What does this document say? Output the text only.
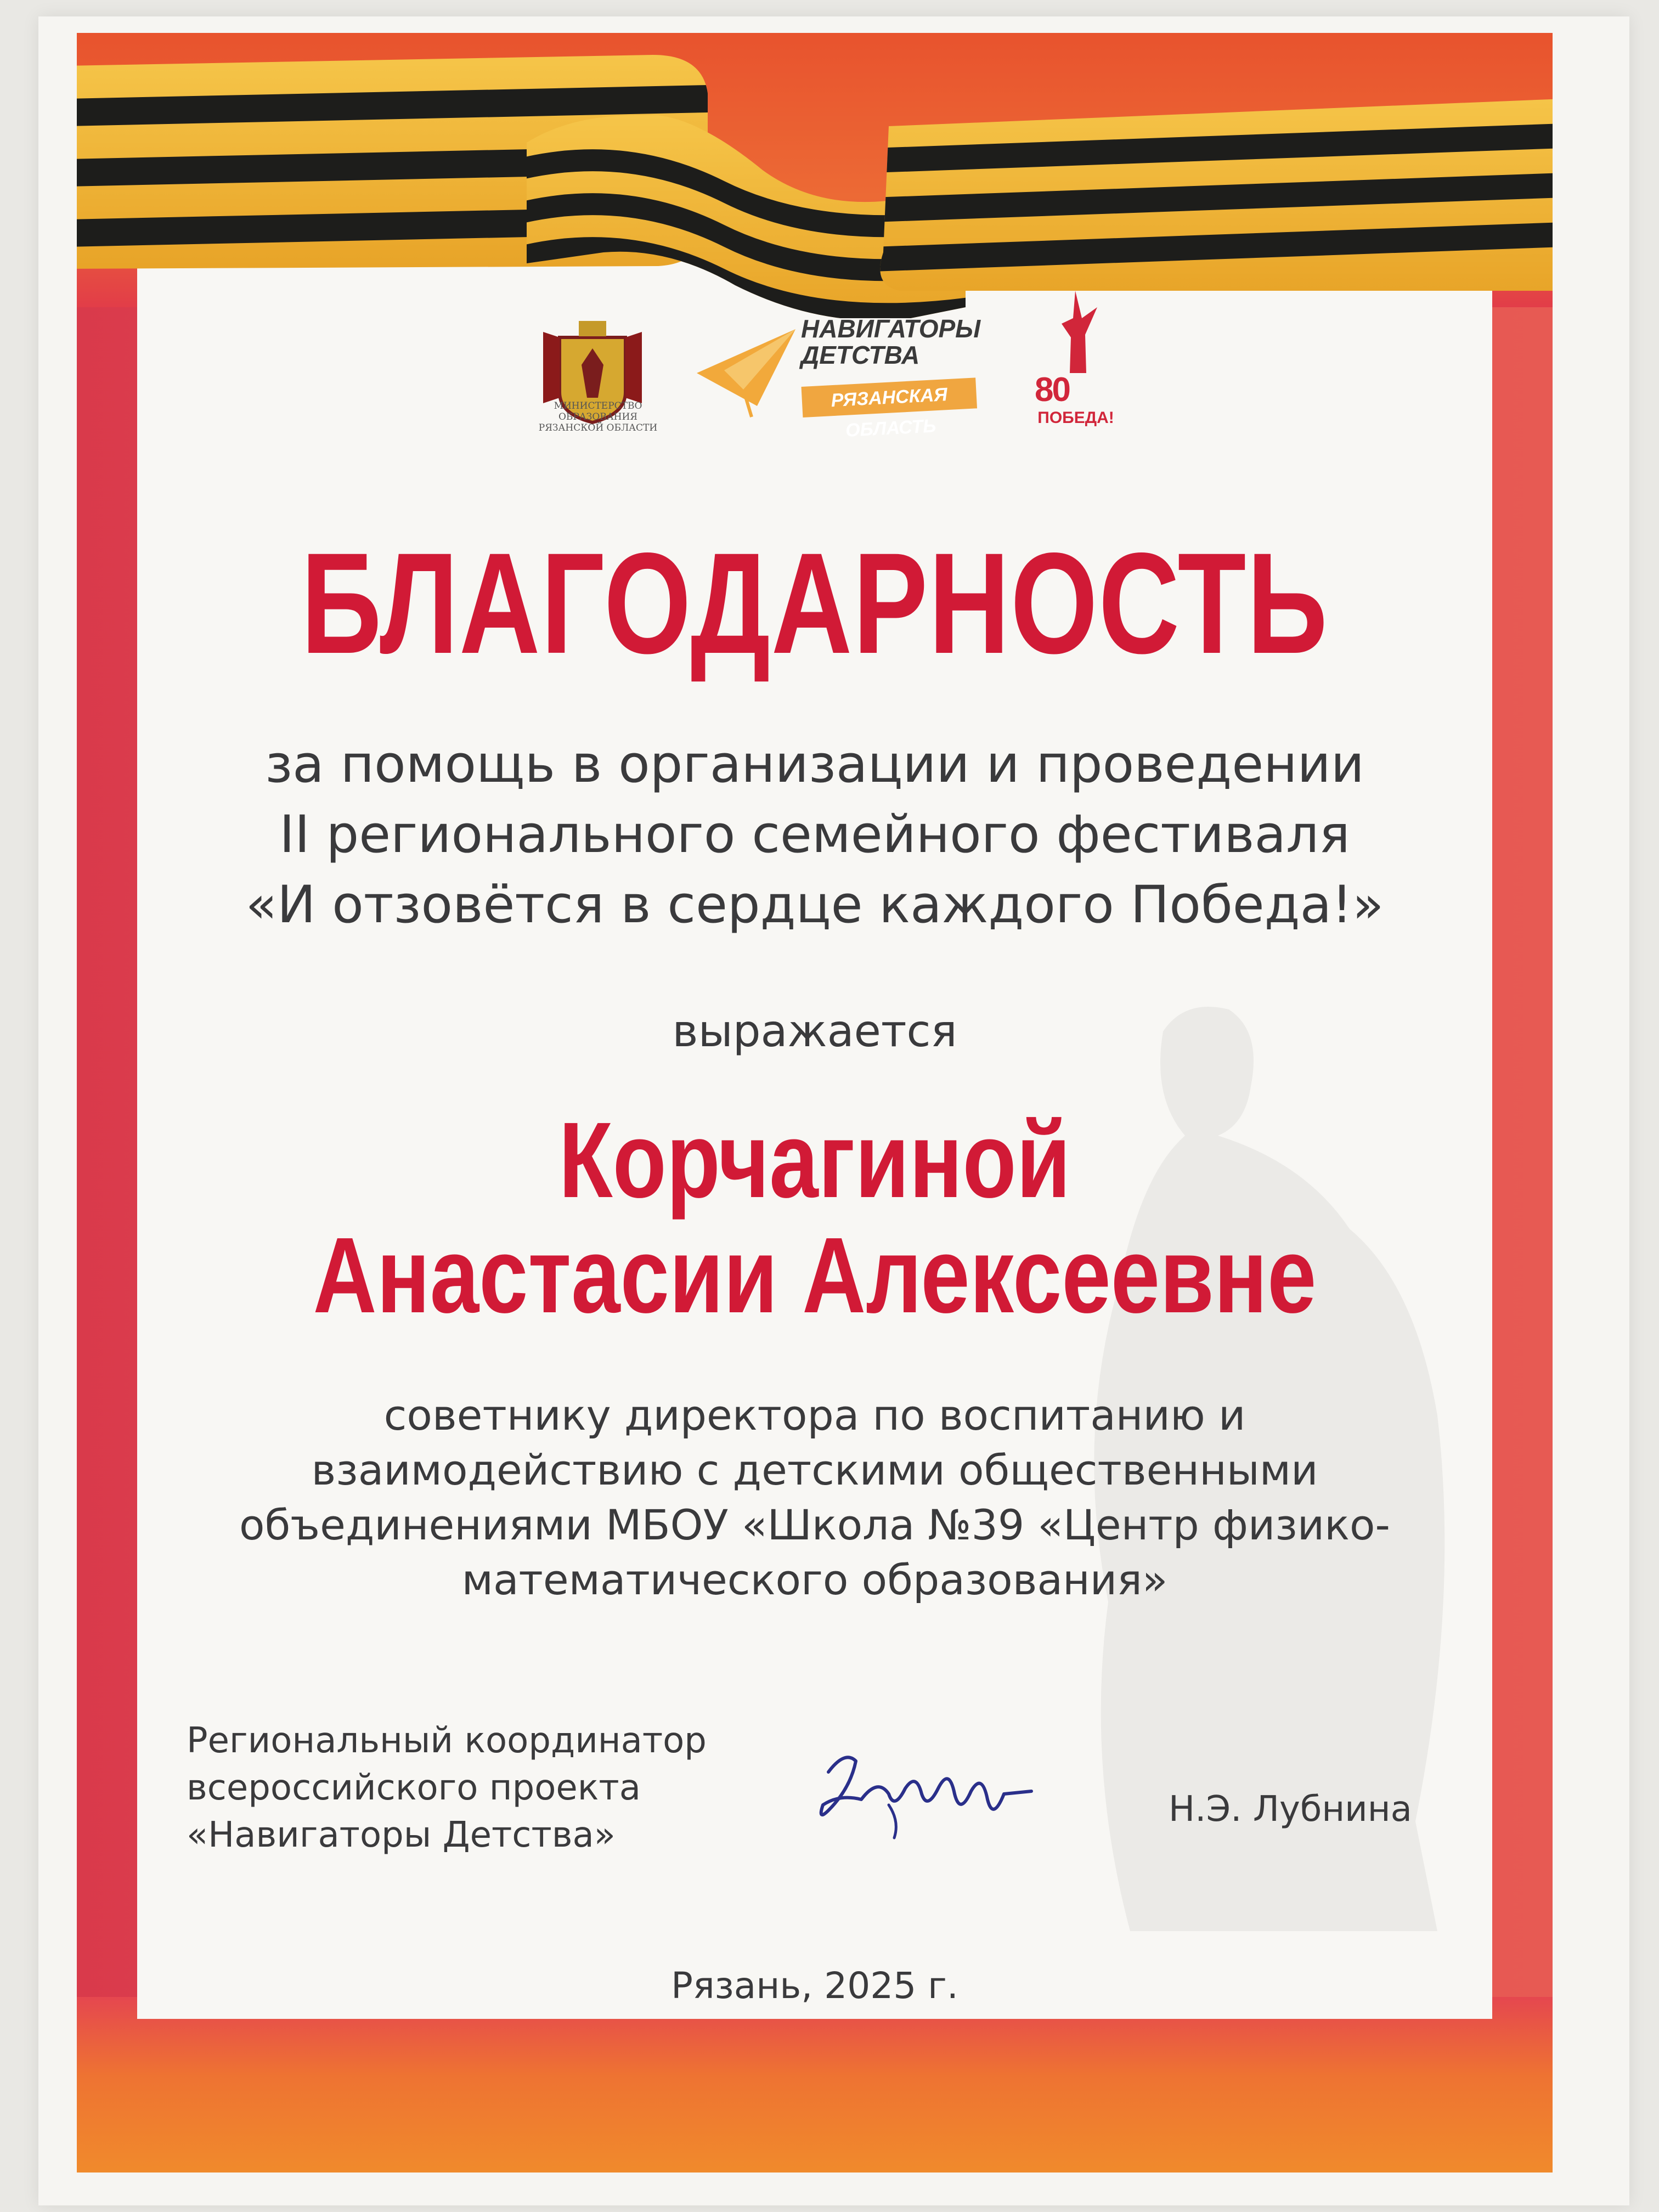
МИНИСТЕРСТВО ОБРАЗОВАНИЯ
РЯЗАНСКОЙ ОБЛАСТИ
НАВИГАТОРЫ
ДЕТСТВА
РЯЗАНСКАЯ ОБЛАСТЬ
80
ПОБЕДА!
БЛАГОДАРНОСТЬ
за помощь в организации и проведении
II регионального семейного фестиваля
«И отзовётся в сердце каждого Победа!»
выражается
Корчагиной
Анастасии Алексеевне
советнику директора по воспитанию и
взаимодействию с детскими общественными
объединениями МБОУ «Школа №39 «Центр физико-
математического образования»
Региональный координатор
всероссийского проекта
«Навигаторы Детства»
Н.Э. Лубнина
Рязань, 2025 г.
